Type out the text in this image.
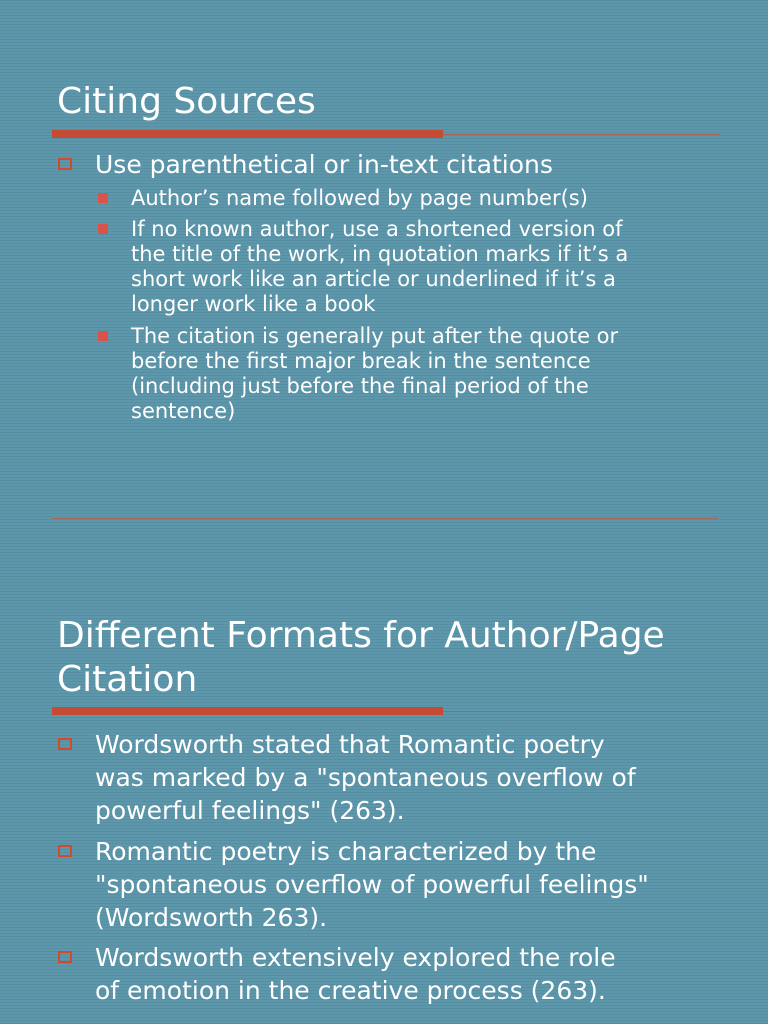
Citing Sources
Use parenthetical or in-text citations
Author’s name followed by page number(s)
If no known author, use a shortened version of
the title of the work, in quotation marks if it’s a
short work like an article or underlined if it’s a
longer work like a book
The citation is generally put after the quote or
before the first major break in the sentence
(including just before the final period of the
sentence)
Different Formats for Author/Page
Citation
Wordsworth stated that Romantic poetry
was marked by a "spontaneous overflow of
powerful feelings" (263).
Romantic poetry is characterized by the
"spontaneous overflow of powerful feelings"
(Wordsworth 263).
Wordsworth extensively explored the role
of emotion in the creative process (263).
